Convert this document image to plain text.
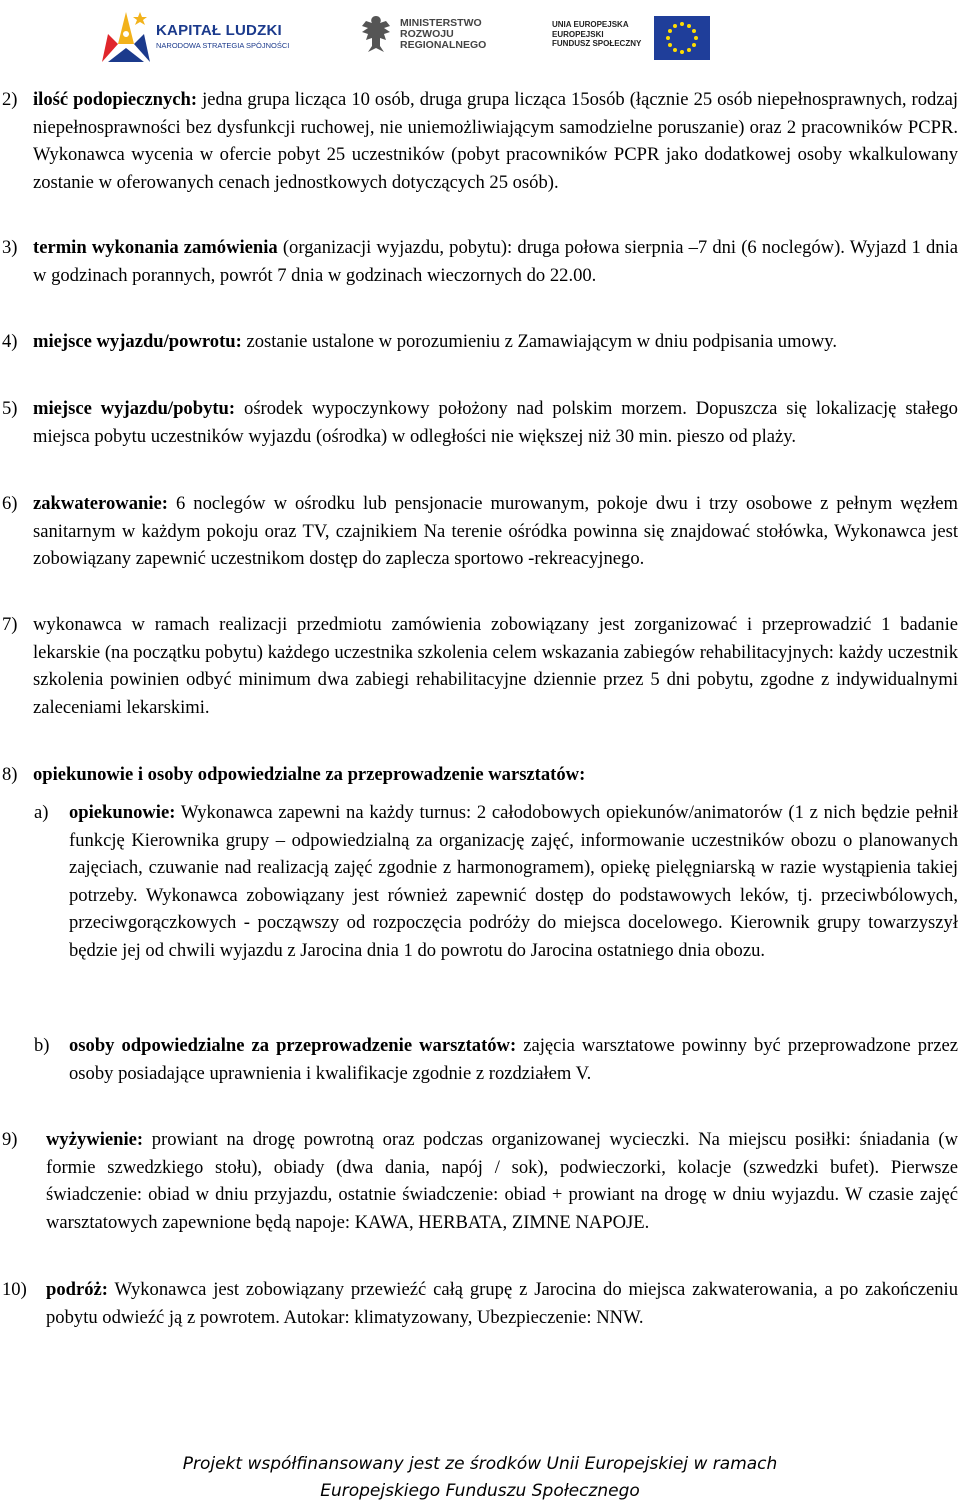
KAPITAŁ LUDZKI
NARODOWA STRATEGIA SPÓJNOŚCI
MINISTERSTWO
ROZWOJU
REGIONALNEGO
UNIA EUROPEJSKA
EUROPEJSKI
FUNDUSZ SPOŁECZNY
2) ilość podopiecznych: jedna grupa licząca 10 osób, druga grupa licząca 15osób (łącznie 25 osób niepełnosprawnych, rodzaj niepełnosprawności bez dysfunkcji ruchowej, nie uniemożliwiającym samodzielne poruszanie) oraz 2 pracowników PCPR. Wykonawca wycenia w ofercie pobyt 25 uczestników (pobyt pracowników PCPR jako dodatkowej osoby wkalkulowany zostanie w oferowanych cenach jednostkowych dotyczących 25 osób).
3) termin wykonania zamówienia (organizacji wyjazdu, pobytu): druga połowa sierpnia –7 dni (6 noclegów). Wyjazd 1 dnia w godzinach porannych, powrót 7 dnia w godzinach wieczornych do 22.00.
4) miejsce wyjazdu/powrotu: zostanie ustalone w porozumieniu z Zamawiającym w dniu podpisania umowy.
5) miejsce wyjazdu/pobytu: ośrodek wypoczynkowy położony nad polskim morzem. Dopuszcza się lokalizację stałego miejsca pobytu uczestników wyjazdu (ośrodka) w odległości nie większej niż 30 min. pieszo od plaży.
6) zakwaterowanie: 6 noclegów w ośrodku lub pensjonacie murowanym, pokoje dwu i trzy osobowe z pełnym węzłem sanitarnym w każdym pokoju oraz TV, czajnikiem Na terenie ośródka powinna się znajdować stołówka, Wykonawca jest zobowiązany zapewnić uczestnikom dostęp do zaplecza sportowo -rekreacyjnego.
7) wykonawca w ramach realizacji przedmiotu zamówienia zobowiązany jest zorganizować i przeprowadzić 1 badanie lekarskie (na początku pobytu) każdego uczestnika szkolenia celem wskazania zabiegów rehabilitacyjnych: każdy uczestnik szkolenia powinien odbyć minimum dwa zabiegi rehabilitacyjne dziennie przez 5 dni pobytu, zgodne z indywidualnymi zaleceniami lekarskimi.
8) opiekunowie i osoby odpowiedzialne za przeprowadzenie warsztatów:
a) opiekunowie: Wykonawca zapewni na każdy turnus: 2 całodobowych opiekunów/animatorów (1 z nich będzie pełnił funkcję Kierownika grupy – odpowiedzialną za organizację zajęć, informowanie uczestników obozu o planowanych zajęciach, czuwanie nad realizacją zajęć zgodnie z harmonogramem), opiekę pielęgniarską w razie wystąpienia takiej potrzeby. Wykonawca zobowiązany jest również zapewnić dostęp do podstawowych leków, tj. przeciwbólowych, przeciwgorączkowych - począwszy od rozpoczęcia podróży do miejsca docelowego. Kierownik grupy towarzyszył będzie jej od chwili wyjazdu z Jarocina dnia 1 do powrotu do Jarocina ostatniego dnia obozu.
b) osoby odpowiedzialne za przeprowadzenie warsztatów: zajęcia warsztatowe powinny być przeprowadzone przez osoby posiadające uprawnienia i kwalifikacje zgodnie z rozdziałem V.
9) wyżywienie: prowiant na drogę powrotną oraz podczas organizowanej wycieczki. Na miejscu posiłki: śniadania (w formie szwedzkiego stołu), obiady (dwa dania, napój / sok), podwieczorki, kolacje (szwedzki bufet). Pierwsze świadczenie: obiad w dniu przyjazdu, ostatnie świadczenie: obiad + prowiant na drogę w dniu wyjazdu. W czasie zajęć warsztatowych zapewnione będą napoje: KAWA, HERBATA, ZIMNE NAPOJE.
10) podróż: Wykonawca jest zobowiązany przewieźć całą grupę z Jarocina do miejsca zakwaterowania, a po zakończeniu pobytu odwieźć ją z powrotem. Autokar: klimatyzowany, Ubezpieczenie: NNW.
Projekt współfinansowany jest ze środków Unii Europejskiej w ramach
Europejskiego Funduszu Społecznego
